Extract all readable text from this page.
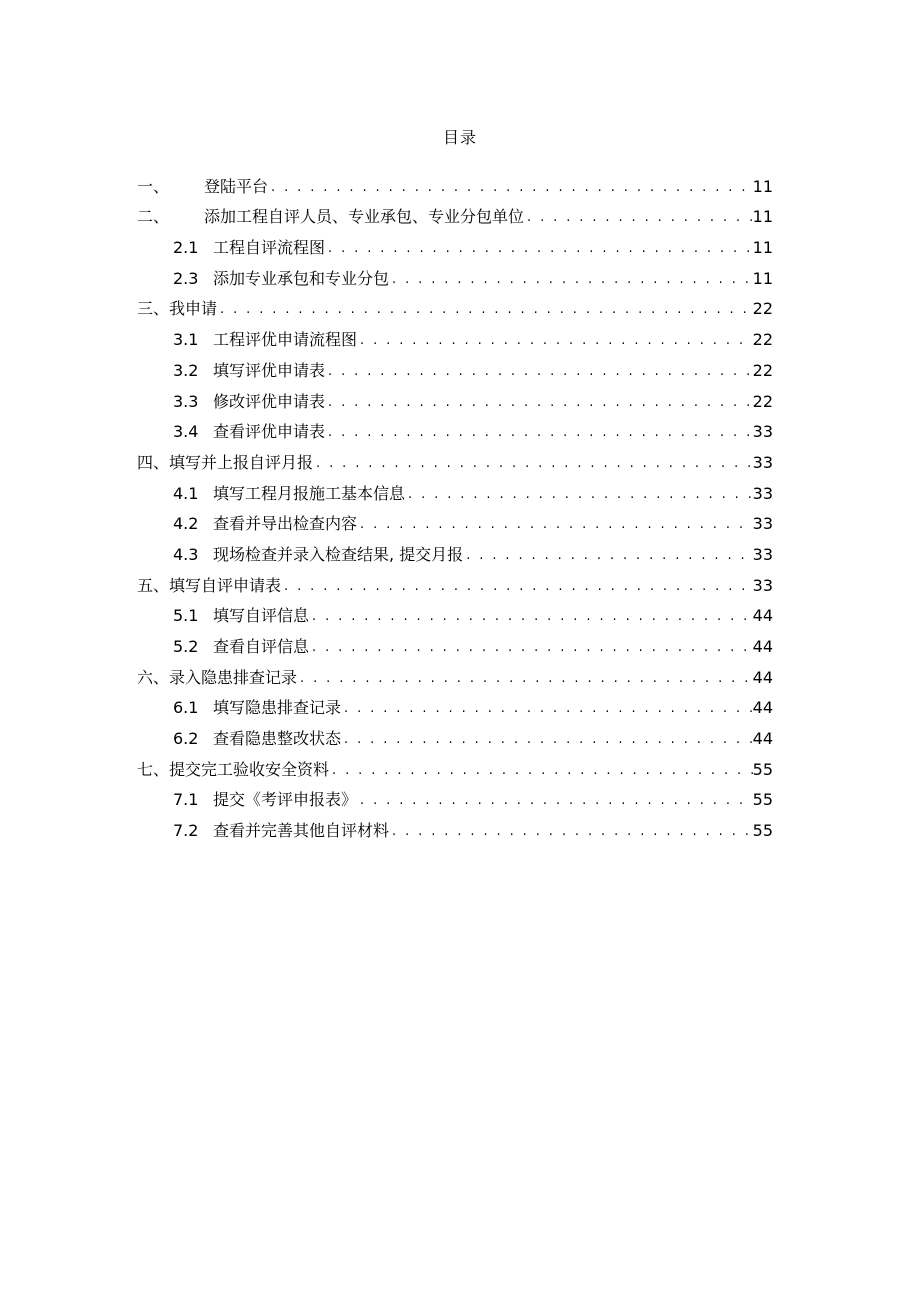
目录
一、	登陆平台 . . .	11
二、	添加工程自评人员、专业承包、专业分包单位 . . .	11
2.1 工程自评流程图 . . .	11
2.3 添加专业承包和专业分包 . . .	11
三、 我申请 . . .	22
3.1 工程评优申请流程图 . . .	22
3.2 填写评优申请表 . . .	22
3.3 修改评优申请表 . . .	22
3.4 查看评优申请表 . . .	33
四、 填写并上报自评月报 . . .	33
4.1 填写工程月报施工基本信息 . . .	33
4.2 查看并导出检查内容 . . .	33
4.3 现场检查并录入检查结果, 提交月报 . . .	33
五、 填写自评申请表 . . .	33
5.1 填写自评信息 . . .	44
5.2 查看自评信息 . . .	44
六、 录入隐患排查记录 . . .	44
6.1 填写隐患排查记录 . . .	44
6.2 查看隐患整改状态 . . .	44
七、 提交完工验收安全资料 . . .	55
7.1 提交《考评申报表》 . . .	55
7.2 查看并完善其他自评材料 . . .	55
